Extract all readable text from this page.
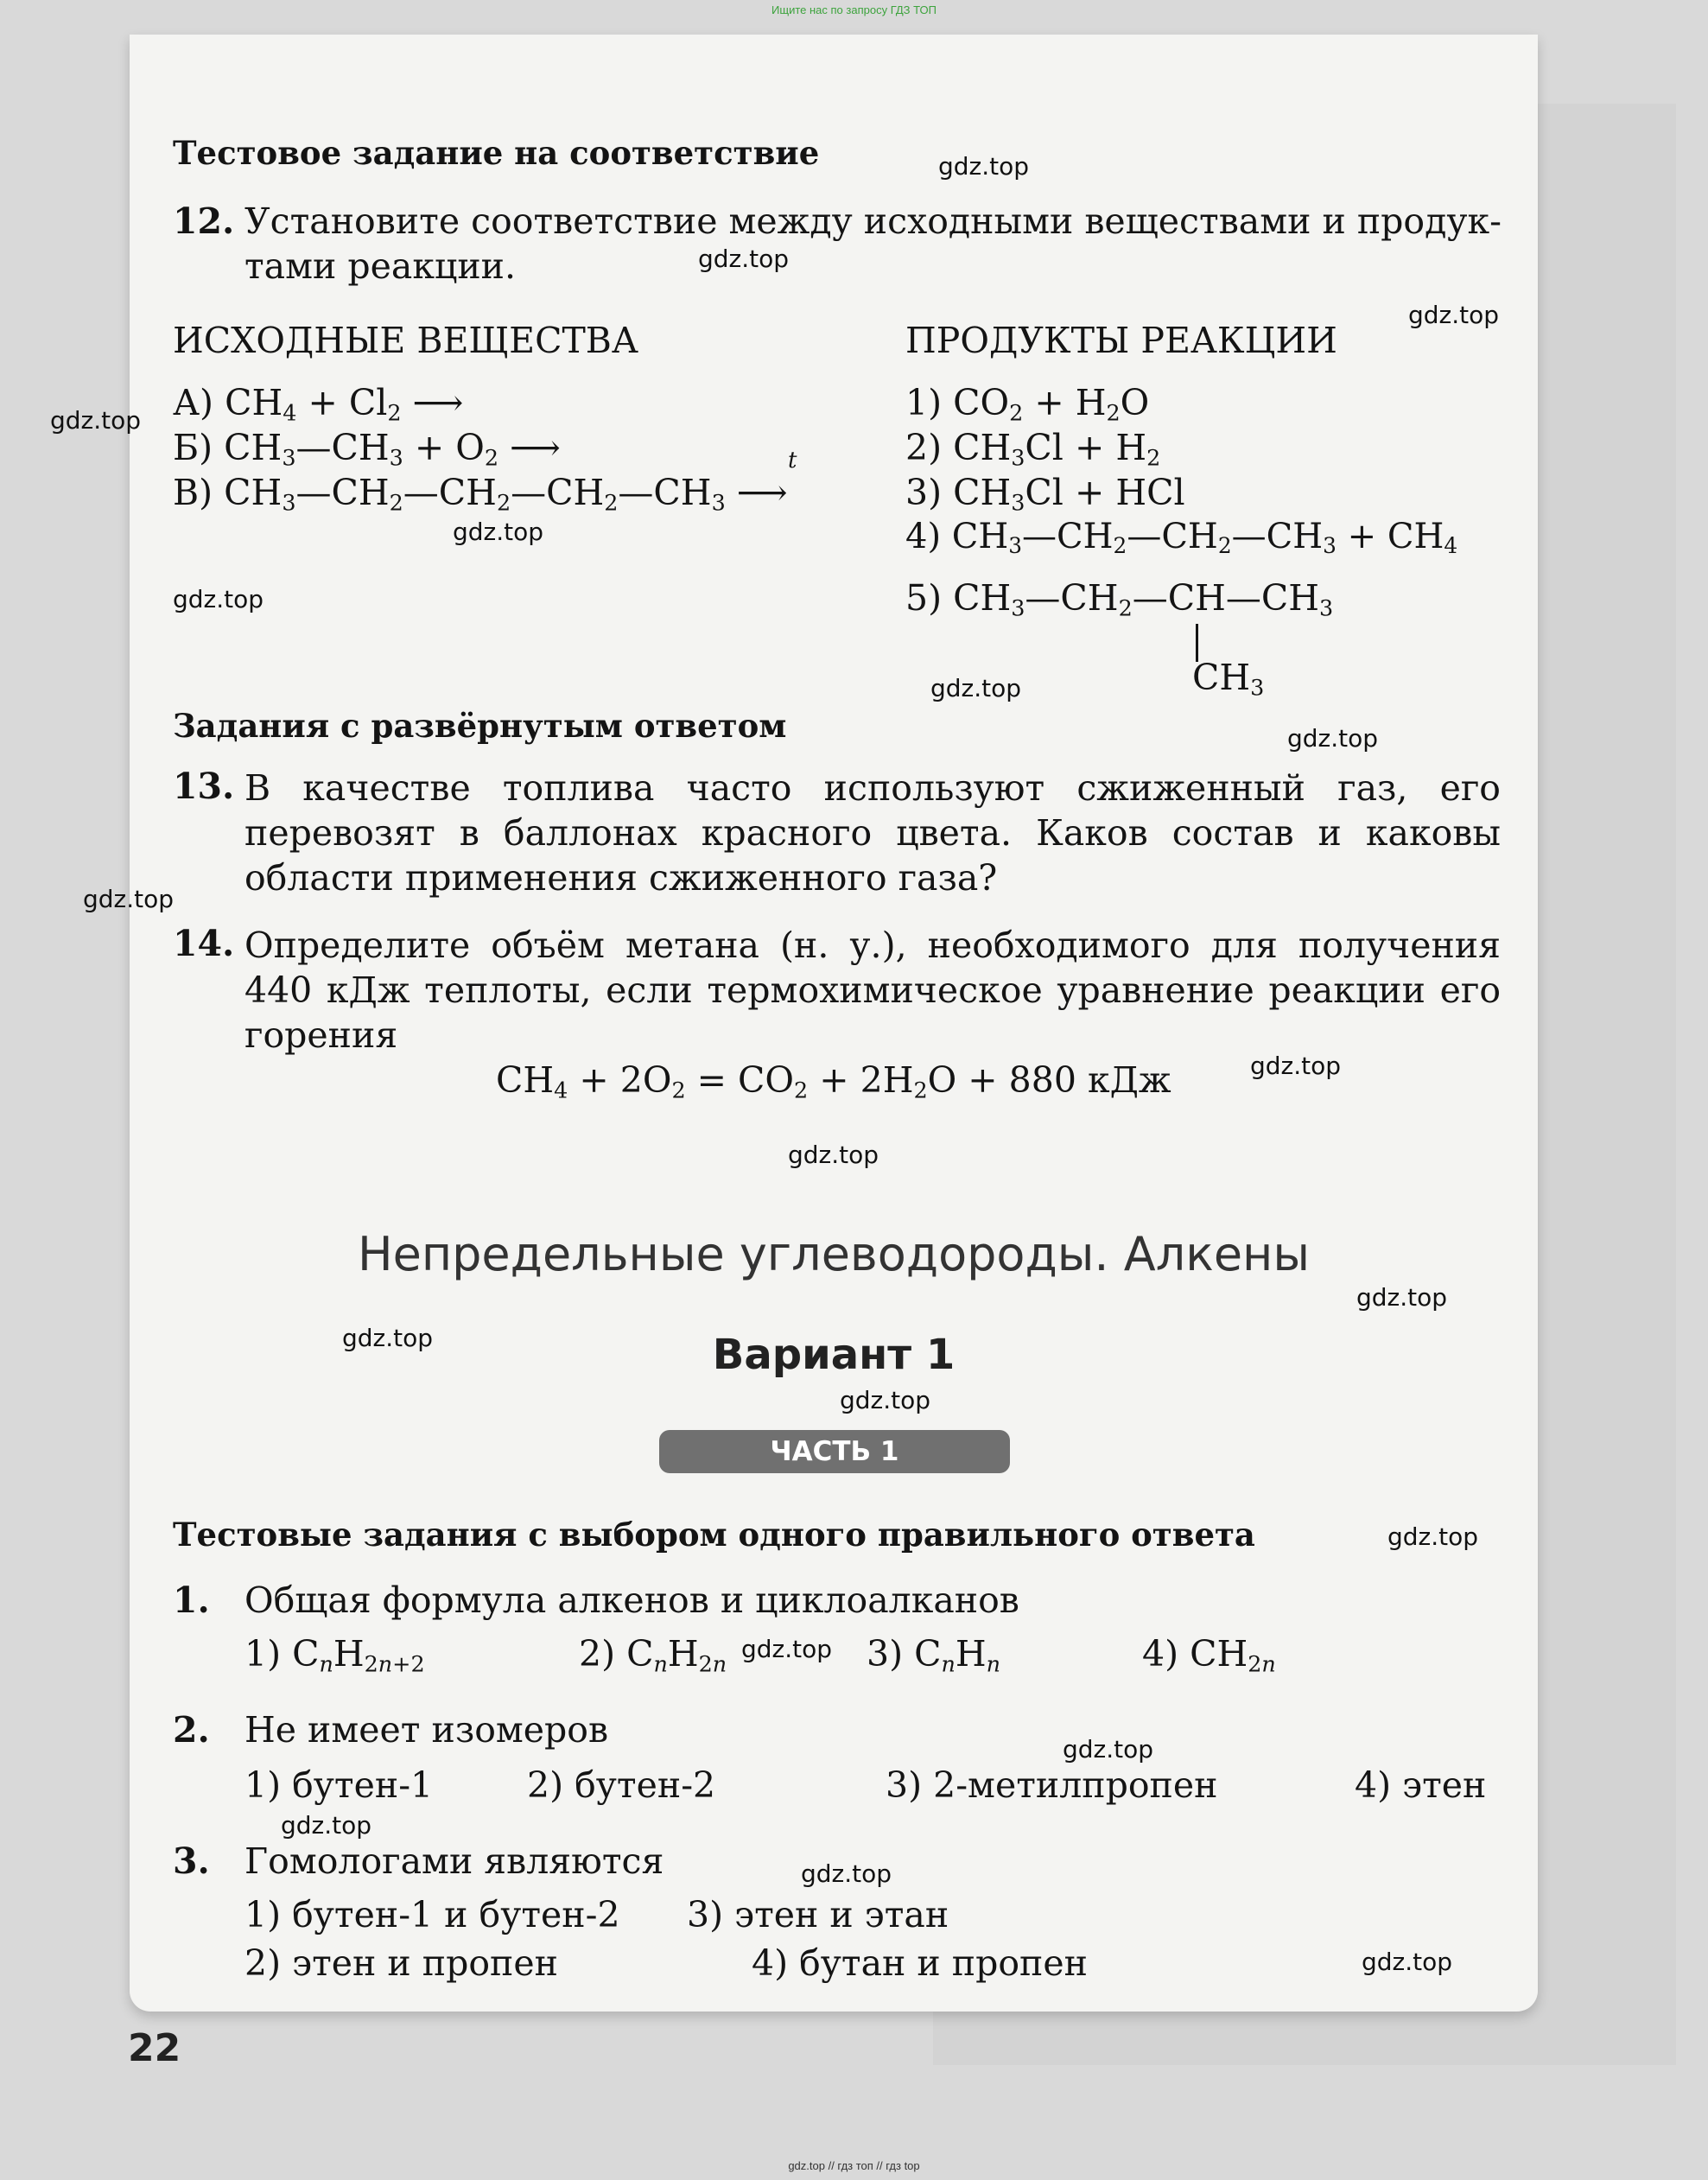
Ищите нас по запросу ГДЗ ТОП
Тестовое задание на соответствие
12. Установите соответствие между исходными веществами и продук-
тами реакции.
ИСХОДНЫЕ ВЕЩЕСТВА	ПРОДУКТЫ РЕАКЦИИ
А) $CH_4 + Cl_2$ ⟶
Б) $CH_3—CH_3 + O_2$ ⟶
В) $CH_3—CH_2—CH_2—CH_2—CH_3$ ⟶
t
1) $CO_2 + H_2O$
2) $CH_3Cl + H_2$
3) $CH_3Cl$ + HCl
4) $CH_3—CH_2—CH_2—CH_3 + CH_4$
5) $CH_3—CH_2—CH—CH_3$
$CH_3$
Задания с развёрнутым ответом
13. В качестве топлива часто используют сжиженный газ, его перевозят в баллонах красного цвета. Каков состав и каковы области применения сжиженного газа?
14. Определите объём метана (н. у.), необходимого для получения 440 кДж теплоты, если термохимическое уравнение реакции его горения
$CH_4 + 2O_2 = CO_2 + 2H_2O + 880$ кДж
Непредельные углеводороды. Алкены
Вариант 1
ЧАСТЬ 1
Тестовые задания с выбором одного правильного ответа
1. Общая формула алкенов и циклоалканов
1) $C_nH_{2n+2}$	2) $C_nH_{2n}$	3) $C_nH_n$	4) $CH_{2n}$
2. Не имеет изомеров
1) бутен-1	2) бутен-2	3) 2-метилпропен	4) этен
3. Гомологами являются
1) бутен-1 и бутен-2 3) этен и этан
2) этен и пропен	4) бутан и пропен
22
gdz.top
gdz.top
gdz.top
gdz.top
gdz.top
gdz.top
gdz.top
gdz.top
gdz.top
gdz.top
gdz.top
gdz.top
gdz.top
gdz.top
gdz.top
gdz.top
gdz.top
gdz.top
gdz.top
gdz.top
gdz.top // гдз топ // гдз top
